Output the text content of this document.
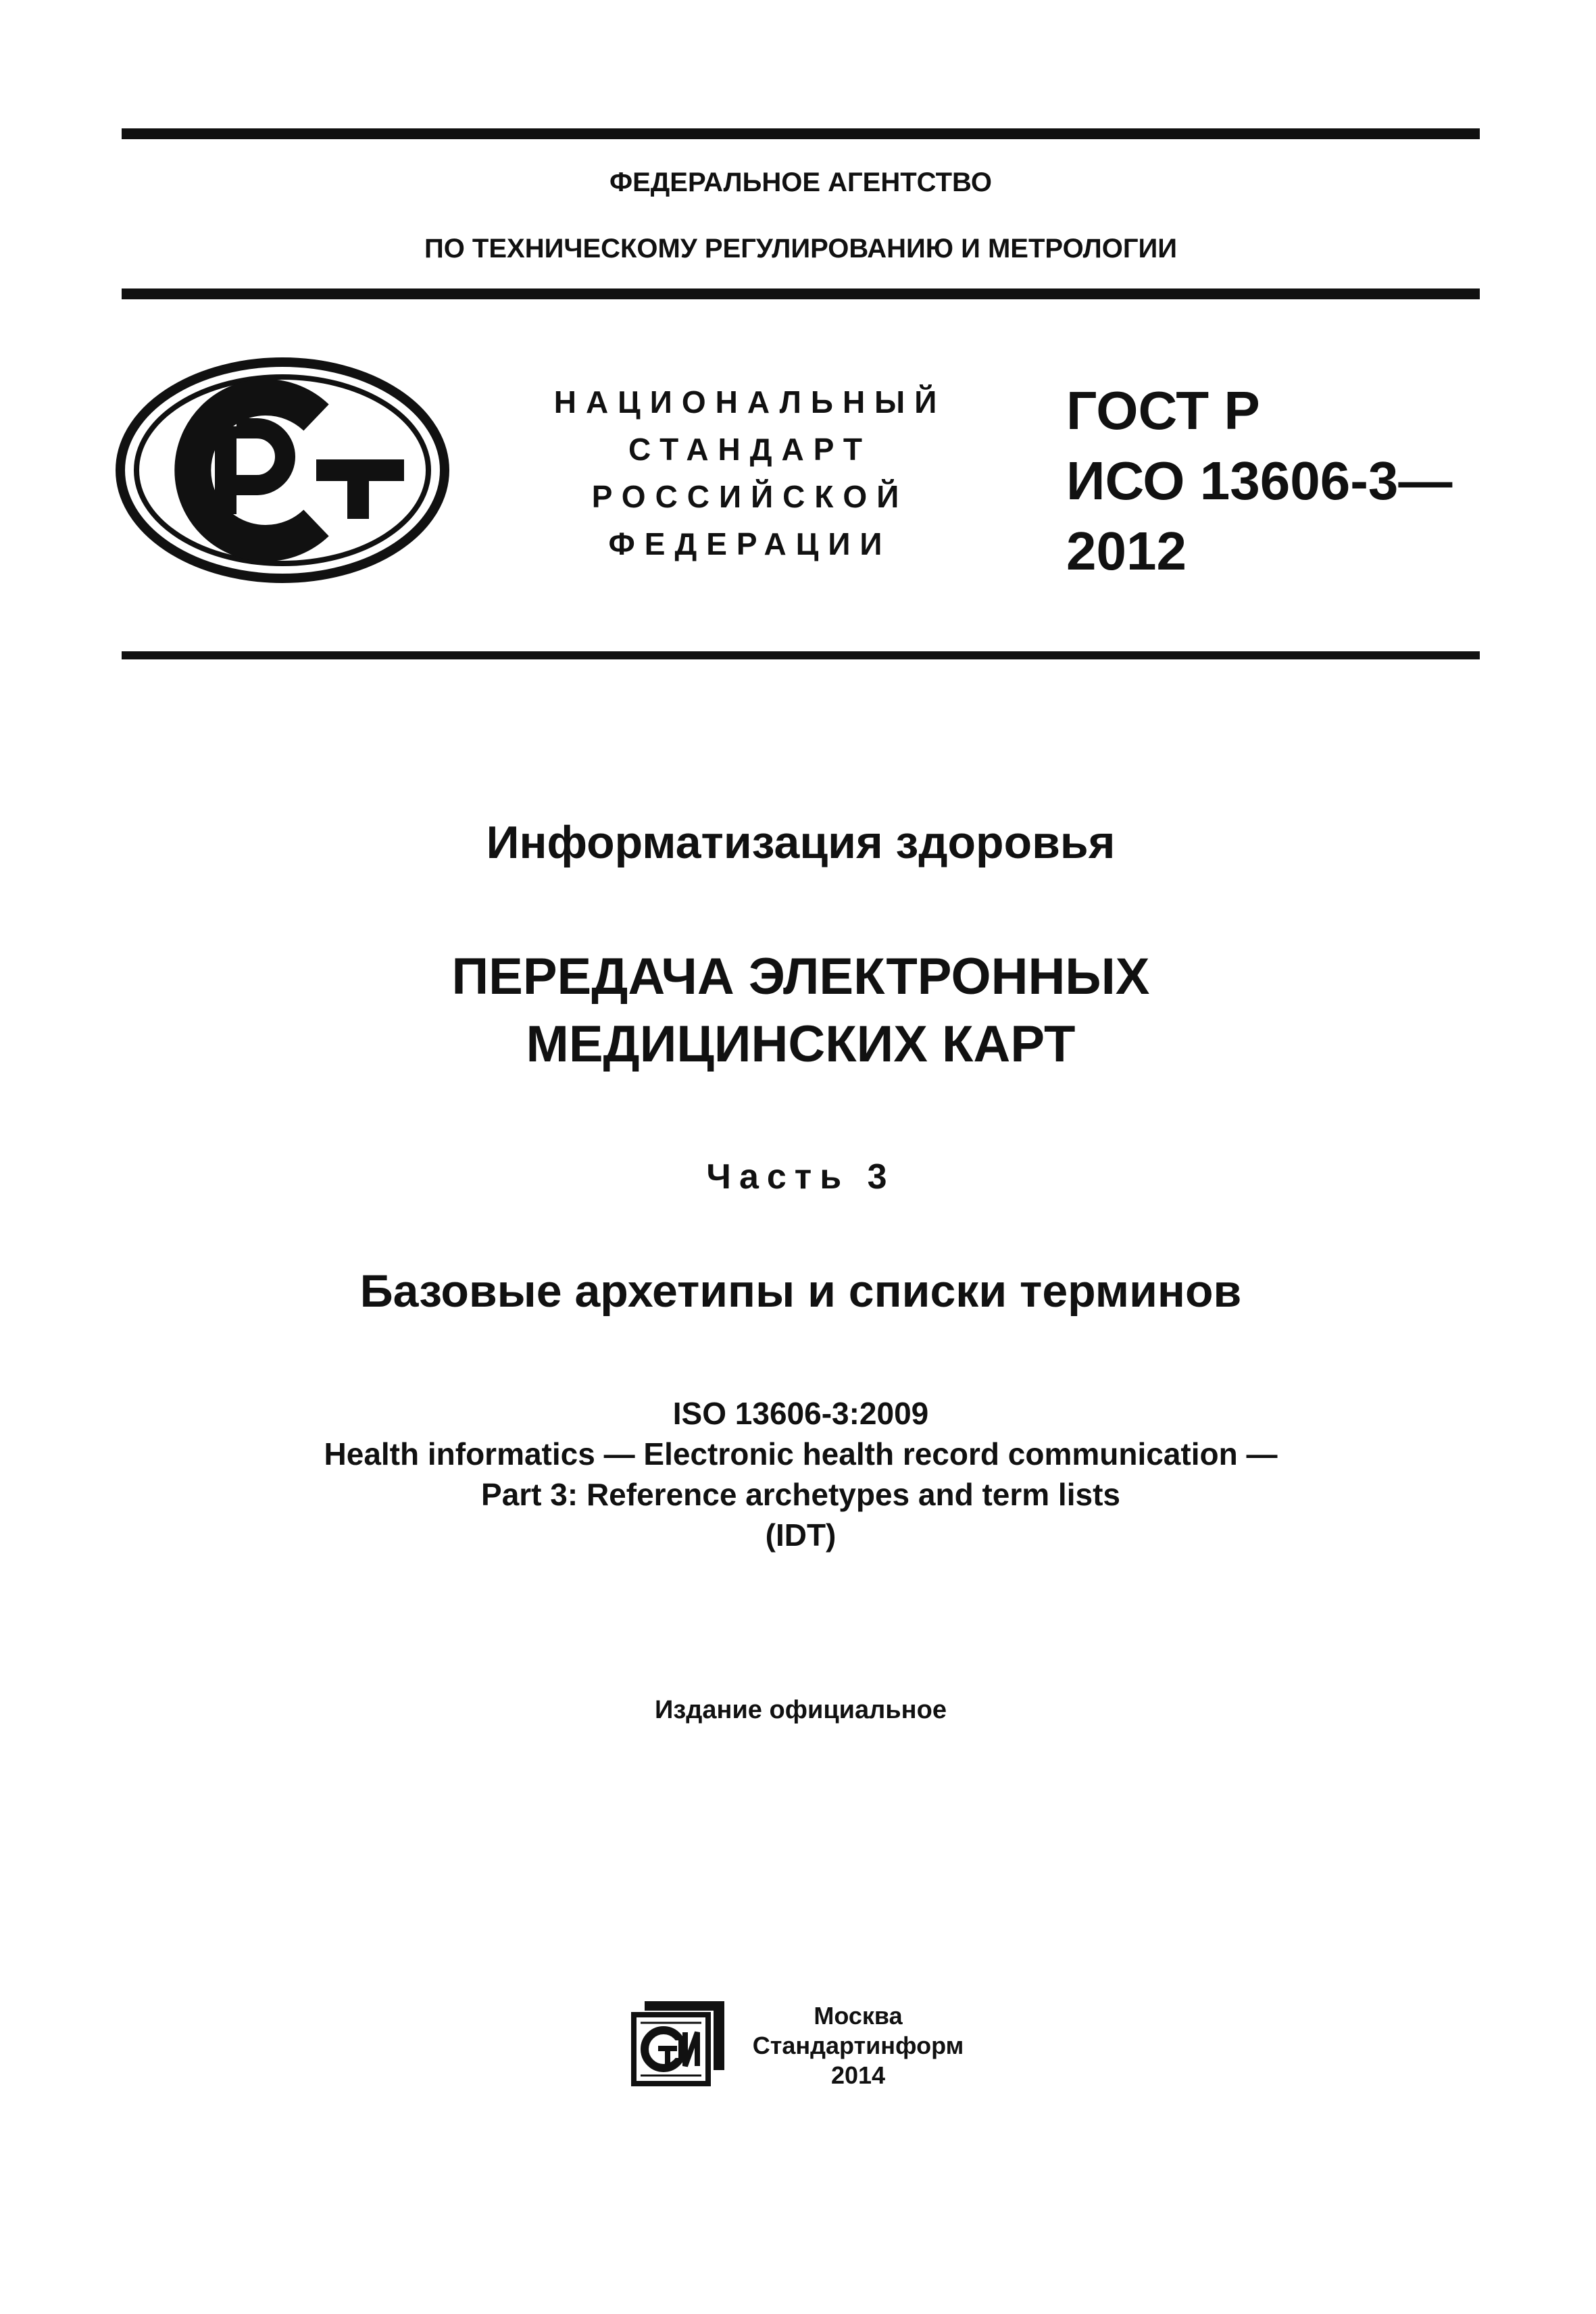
ФЕДЕРАЛЬНОЕ АГЕНТСТВО
ПО ТЕХНИЧЕСКОМУ РЕГУЛИРОВАНИЮ И МЕТРОЛОГИИ
НАЦИОНАЛЬНЫЙ
СТАНДАРТ
РОССИЙСКОЙ
ФЕДЕРАЦИИ
ГОСТ Р
ИСО 13606-3—
2012
Информатизация здоровья
ПЕРЕДАЧА ЭЛЕКТРОННЫХ
МЕДИЦИНСКИХ КАРТ
Часть 3
Базовые архетипы и списки терминов
ISO 13606-3:2009
Health informatics — Electronic health record communication —
Part 3: Reference archetypes and term lists
(IDT)
Издание официальное
Москва
Стандартинформ
2014
